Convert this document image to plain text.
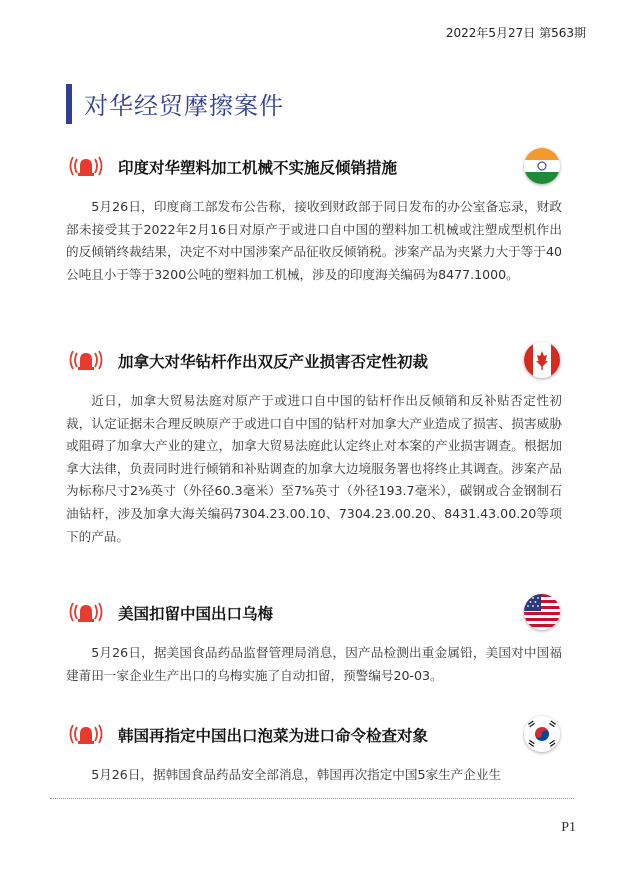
2022年5月27日 第563期
对华经贸摩擦案件
印度对华塑料加工机械不实施反倾销措施

5月26日，印度商工部发布公告称，接收到财政部于同日发布的办公室备忘录，财政部未接受其于2022年2月16日对原产于或进口自中国的塑料加工机械或注塑成型机作出的反倾销终裁结果，决定不对中国涉案产品征收反倾销税。涉案产品为夹紧力大于等于40公吨且小于等于3200公吨的塑料加工机械，涉及的印度海关编码为8477.1000。

加拿大对华钻杆作出双反产业损害否定性初裁

近日，加拿大贸易法庭对原产于或进口自中国的钻杆作出反倾销和反补贴否定性初裁，认定证据未合理反映原产于或进口自中国的钻杆对加拿大产业造成了损害、损害威胁或阻碍了加拿大产业的建立，加拿大贸易法庭此认定终止对本案的产业损害调查。根据加拿大法律，负责同时进行倾销和补贴调查的加拿大边境服务署也将终止其调查。涉案产品为标称尺寸2⅜英寸（外径60.3毫米）至7⅝英寸（外径193.7毫米），碳钢或合金钢制石油钻杆，涉及加拿大海关编码7304.23.00.10、7304.23.00.20、8431.43.00.20等项下的产品。

美国扣留中国出口乌梅

5月26日，据美国食品药品监督管理局消息，因产品检测出重金属铅，美国对中国福建莆田一家企业生产出口的乌梅实施了自动扣留，预警编号20-03。

韩国再指定中国出口泡菜为进口命令检查对象

5月26日，据韩国食品药品安全部消息，韩国再次指定中国5家生产企业生

P1
